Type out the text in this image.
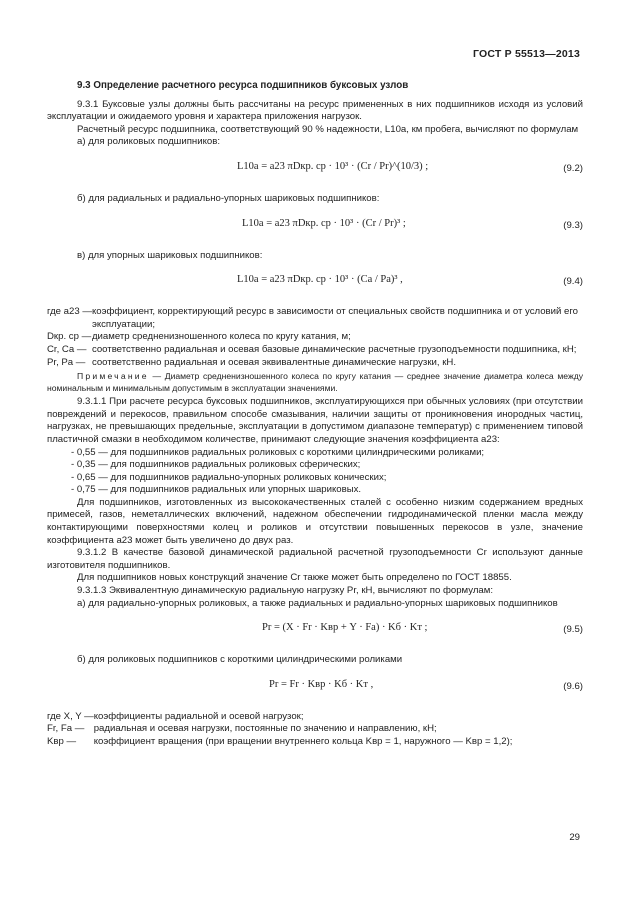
ГОСТ Р 55513—2013
9.3 Определение расчетного ресурса подшипников буксовых узлов

9.3.1 Буксовые узлы должны быть рассчитаны на ресурс примененных в них подшипников исходя из условий эксплуатации и ожидаемого уровня и характера приложения нагрузок.

Расчетный ресурс подшипника, соответствующий 90 % надежности, L10a, км пробега, вычисляют по формулам

а) для роликовых подшипников:
L10a = a23 πDкр. ср · 10³ · (Cr / Pr)^(10/3) ;	(9.2)
б) для радиальных и радиально-упорных шариковых подшипников:
L10a = a23 πDкр. ср · 10³ · (Cr / Pr)³ ;	(9.3)
в) для упорных шариковых подшипников:
L10a = a23 πDкр. ср · 10³ · (Ca / Pa)³ ,	(9.4)
где a23 —	коэффициент, корректирующий ресурс в зависимости от специальных свойств подшипника и от условий его эксплуатации;
Dкр. ср —	диаметр средненизношенного колеса по кругу катания, м;
Cr, Ca —	соответственно радиальная и осевая базовые динамические расчетные грузоподъемности подшипника, кН;
Pr, Pa —	соответственно радиальная и осевая эквивалентные динамические нагрузки, кН.

Примечание — Диаметр средненизношенного колеса по кругу катания — среднее значение диаметра колеса между номинальным и минимальным допустимым в эксплуатации значениями.

9.3.1.1 При расчете ресурса буксовых подшипников, эксплуатирующихся при обычных условиях (при отсутствии повреждений и перекосов, правильном способе смазывания, наличии защиты от проникновения инородных частиц, нагрузках, не превышающих предельные, эксплуатации в допустимом диапазоне температур) с применением типовой пластичной смазки в необходимом количестве, принимают следующие значения коэффициента a23:

- 0,55 — для подшипников радиальных роликовых с короткими цилиндрическими роликами;
- 0,35 — для подшипников радиальных роликовых сферических;
- 0,65 — для подшипников радиально-упорных роликовых конических;
- 0,75 — для подшипников радиальных или упорных шариковых.

Для подшипников, изготовленных из высококачественных сталей с особенно низким содержанием вредных примесей, газов, неметаллических включений, надежном обеспечении гидродинамической пленки масла между контактирующими поверхностями колец и роликов и отсутствии повышенных перекосов в узле, значение коэффициента a23 может быть увеличено до двух раз.

9.3.1.2 В качестве базовой динамической радиальной расчетной грузоподъемности Cr используют данные изготовителя подшипников.

Для подшипников новых конструкций значение Cr также может быть определено по ГОСТ 18855.

9.3.1.3 Эквивалентную динамическую радиальную нагрузку Pr, кН, вычисляют по формулам:

а) для радиально-упорных роликовых, а также радиальных и радиально-упорных шариковых подшипников

Pr = (X · Fr · Kвр + Y · Fa) · Kб · Kт ;	(9.5)
б) для роликовых подшипников с короткими цилиндрическими роликами
Pr = Fr · Kвр · Kб · Kт ,	(9.6)
где X, Y —	коэффициенты радиальной и осевой нагрузок;
Fr, Fa —	радиальная и осевая нагрузки, постоянные по значению и направлению, кН;
Kвр —	коэффициент вращения (при вращении внутреннего кольца Kвр = 1, наружного — Kвр = 1,2);
29
